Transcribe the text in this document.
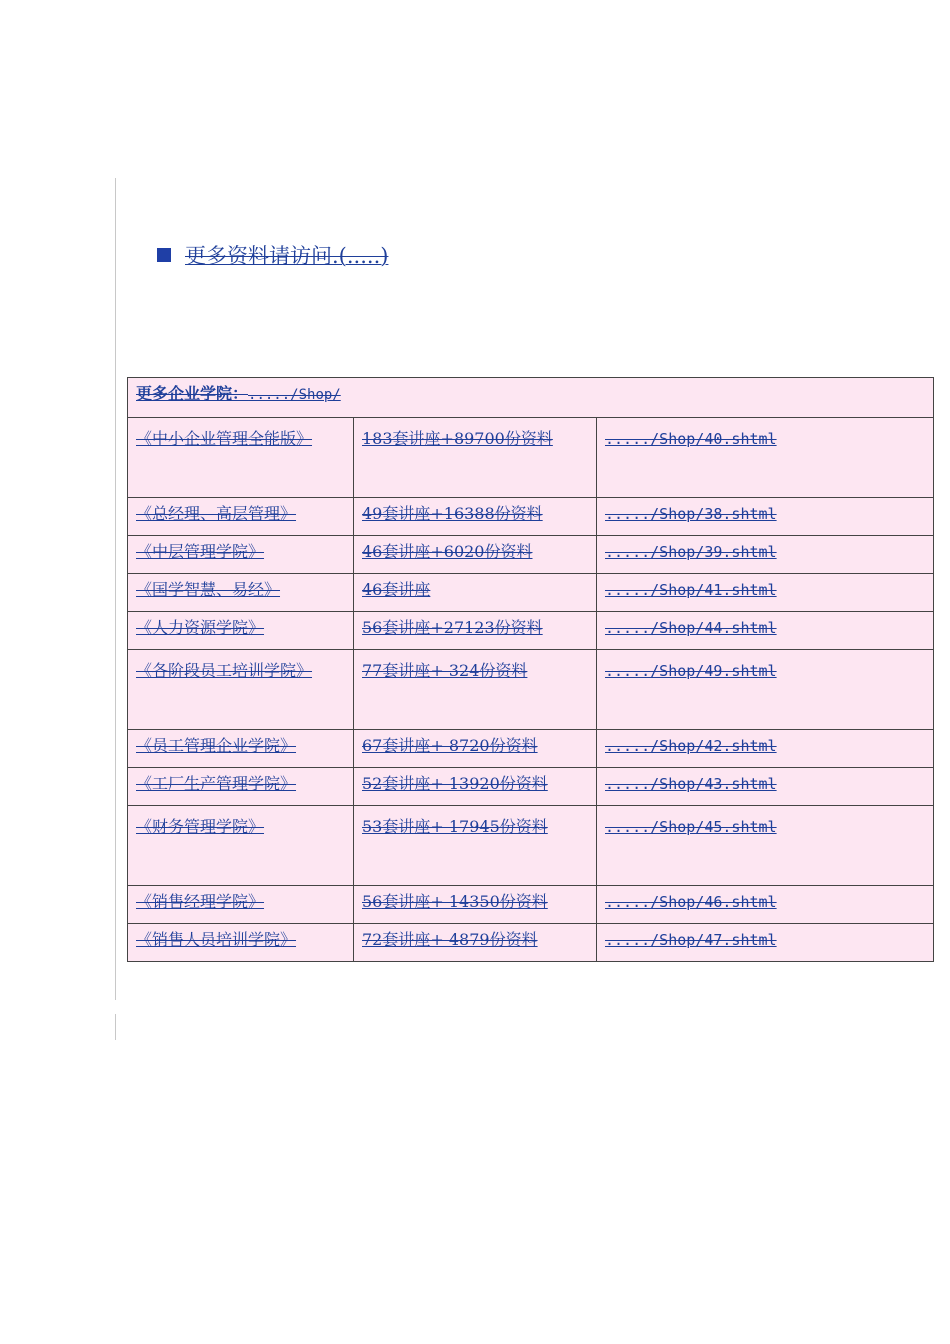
更多资料请访问.(.....)
更多企业学院：...../Shop/		

《中小企业管理全能版》	183套讲座+89700份资料	...../Shop/40.shtml
《总经理、高层管理》	49套讲座+16388份资料	...../Shop/38.shtml
《中层管理学院》	46套讲座+6020份资料	...../Shop/39.shtml
《国学智慧、易经》	46套讲座	...../Shop/41.shtml
《人力资源学院》	56套讲座+27123份资料	...../Shop/44.shtml
《各阶段员工培训学院》	77套讲座+ 324份资料	...../Shop/49.shtml
《员工管理企业学院》	67套讲座+ 8720份资料	...../Shop/42.shtml
《工厂生产管理学院》	52套讲座+ 13920份资料	...../Shop/43.shtml
《财务管理学院》	53套讲座+ 17945份资料	...../Shop/45.shtml
《销售经理学院》	56套讲座+ 14350份资料	...../Shop/46.shtml
《销售人员培训学院》	72套讲座+ 4879份资料	...../Shop/47.shtml
